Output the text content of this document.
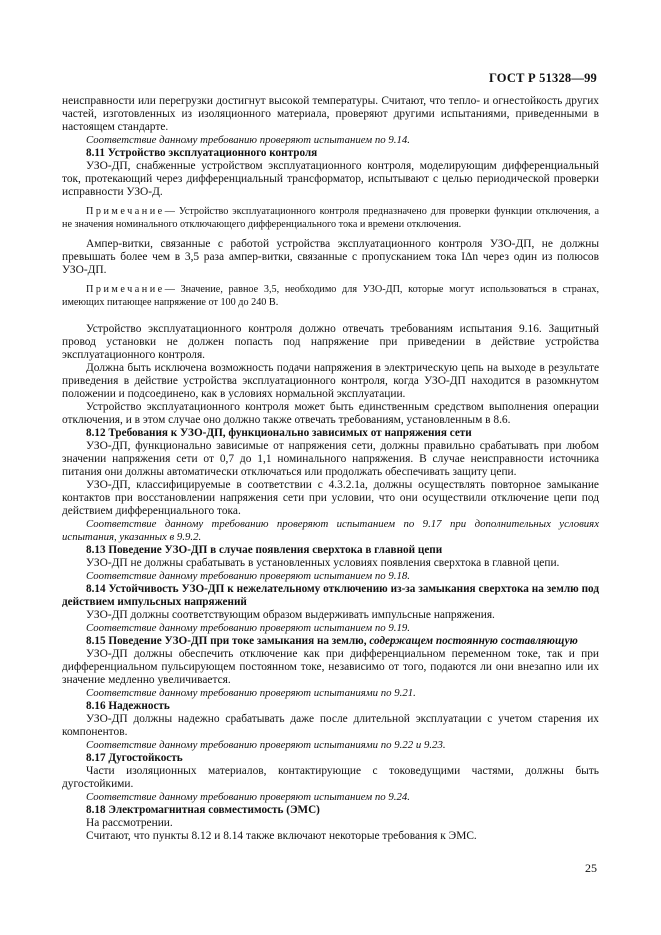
ГОСТ Р 51328—99

неисправности или перегрузки достигнут высокой температуры. Считают, что тепло- и огнестойкость других частей, изготовленных из изоляционного материала, проверяют другими испытаниями, приведенными в настоящем стандарте.

Соответствие данному требованию проверяют испытанием по 9.14.

8.11 Устройство эксплуатационного контроля

УЗО-ДП, снабженные устройством эксплуатационного контроля, моделирующим дифференциальный ток, протекающий через дифференциальный трансформатор, испытывают с целью периодической проверки исправности УЗО-Д.

Примечание— Устройство эксплуатационного контроля предназначено для проверки функции отключения, а не значения номинального отключающего дифференциального тока и времени отключения.

Ампер-витки, связанные с работой устройства эксплуатационного контроля УЗО-ДП, не должны превышать более чем в 3,5 раза ампер-витки, связанные с пропусканием тока IΔn через один из полюсов УЗО-ДП.

Примечание— Значение, равное 3,5, необходимо для УЗО-ДП, которые могут использоваться в странах, имеющих питающее напряжение от 100 до 240 В.

Устройство эксплуатационного контроля должно отвечать требованиям испытания 9.16. Защитный провод установки не должен попасть под напряжение при приведении в действие устройства эксплуатационного контроля.

Должна быть исключена возможность подачи напряжения в электрическую цепь на выходе в результате приведения в действие устройства эксплуатационного контроля, когда УЗО-ДП находится в разомкнутом положении и подсоединено, как в условиях нормальной эксплуатации.

Устройство эксплуатационного контроля может быть единственным средством выполнения операции отключения, и в этом случае оно должно также отвечать требованиям, установленным в 8.6.

8.12 Требования к УЗО-ДП, функционально зависимых от напряжения сети

УЗО-ДП, функционально зависимые от напряжения сети, должны правильно срабатывать при любом значении напряжения сети от 0,7 до 1,1 номинального напряжения. В случае неисправности источника питания они должны автоматически отключаться или продолжать обеспечивать защиту цепи.

УЗО-ДП, классифицируемые в соответствии с 4.3.2.1а, должны осуществлять повторное замыкание контактов при восстановлении напряжения сети при условии, что они осуществили отключение цепи под действием дифференциального тока.

Соответствие данному требованию проверяют испытанием по 9.17 при дополнительных условиях испытания, указанных в 9.9.2.

8.13 Поведение УЗО-ДП в случае появления сверхтока в главной цепи

УЗО-ДП не должны срабатывать в установленных условиях появления сверхтока в главной цепи.

Соответствие данному требованию проверяют испытанием по 9.18.

8.14 Устойчивость УЗО-ДП к нежелательному отключению из-за замыкания сверхтока на землю под действием импульсных напряжений

УЗО-ДП должны соответствующим образом выдерживать импульсные напряжения.

Соответствие данному требованию проверяют испытанием по 9.19.

8.15 Поведение УЗО-ДП при токе замыкания на землю, содержащем постоянную составляющую

УЗО-ДП должны обеспечить отключение как при дифференциальном переменном токе, так и при дифференциальном пульсирующем постоянном токе, независимо от того, подаются ли они внезапно или их значение медленно увеличивается.

Соответствие данному требованию проверяют испытаниями по 9.21.

8.16 Надежность

УЗО-ДП должны надежно срабатывать даже после длительной эксплуатации с учетом старения их компонентов.

Соответствие данному требованию проверяют испытаниями по 9.22 и 9.23.

8.17 Дугостойкость

Части изоляционных материалов, контактирующие с токоведущими частями, должны быть дугостойкими.

Соответствие данному требованию проверяют испытанием по 9.24.

8.18 Электромагнитная совместимость (ЭМС)

На рассмотрении.

Считают, что пункты 8.12 и 8.14 также включают некоторые требования к ЭМС.

25
